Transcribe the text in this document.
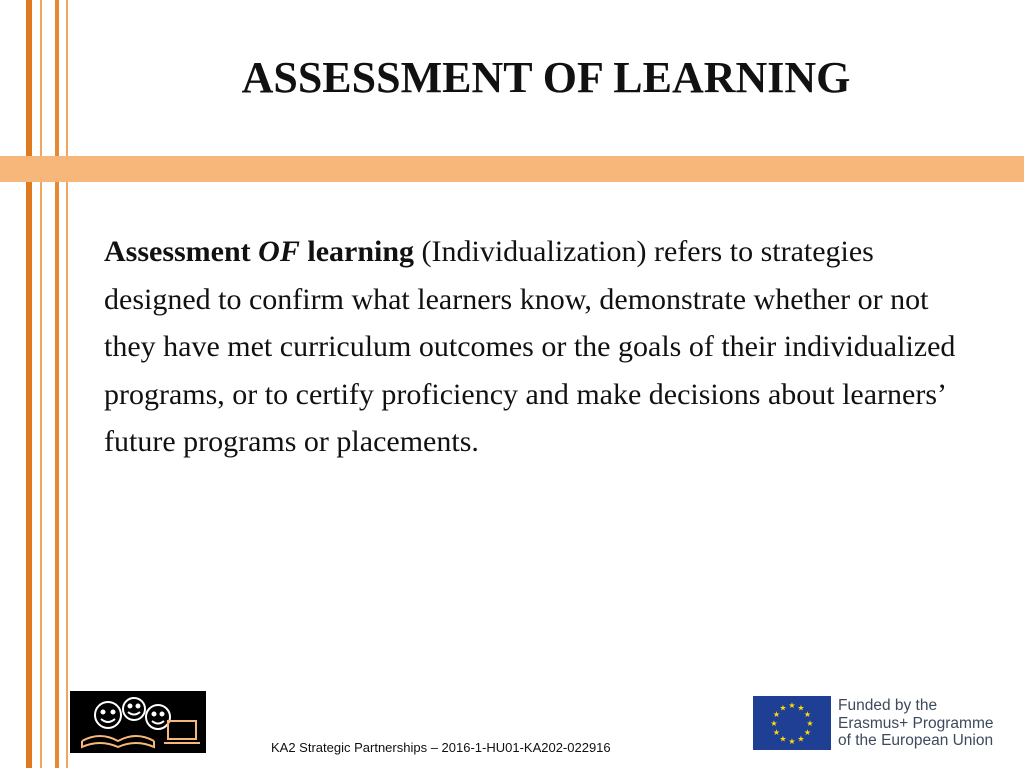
ASSESSMENT OF LEARNING
Assessment OF learning (Individualization) refers to strategies designed to confirm what learners know, demonstrate whether or not they have met curriculum outcomes or the goals of their individualized programs, or to certify proficiency and make decisions about learners’ future programs or placements.
KA2 Strategic Partnerships – 2016-1-HU01-KA202-022916
★ ★
★
★
★
★
★
★
★
★
★
★	Funded by the
Erasmus+ Programme
of the European Union
